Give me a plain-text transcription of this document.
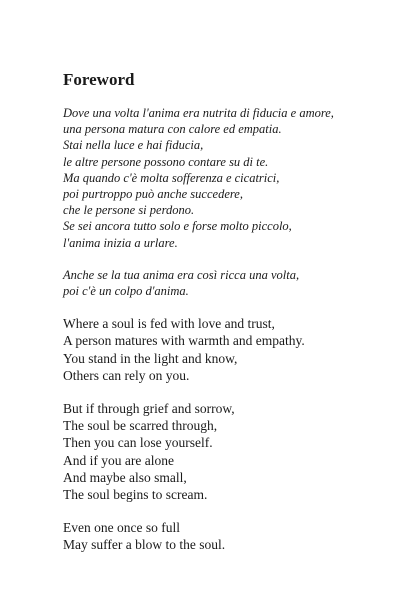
Foreword
Dove una volta l'anima era nutrita di fiducia e amore,
una persona matura con calore ed empatia.
Stai nella luce e hai fiducia,
le altre persone possono contare su di te.
Ma quando c'è molta sofferenza e cicatrici,
poi purtroppo può anche succedere,
che le persone si perdono.
Se sei ancora tutto solo e forse molto piccolo,
l'anima inizia a urlare.
Anche se la tua anima era così ricca una volta,
poi c'è un colpo d'anima.
Where a soul is fed with love and trust,
A person matures with warmth and empathy.
You stand in the light and know,
Others can rely on you.
But if through grief and sorrow,
The soul be scarred through,
Then you can lose yourself.
And if you are alone
And maybe also small,
The soul begins to scream.
Even one once so full
May suffer a blow to the soul.
